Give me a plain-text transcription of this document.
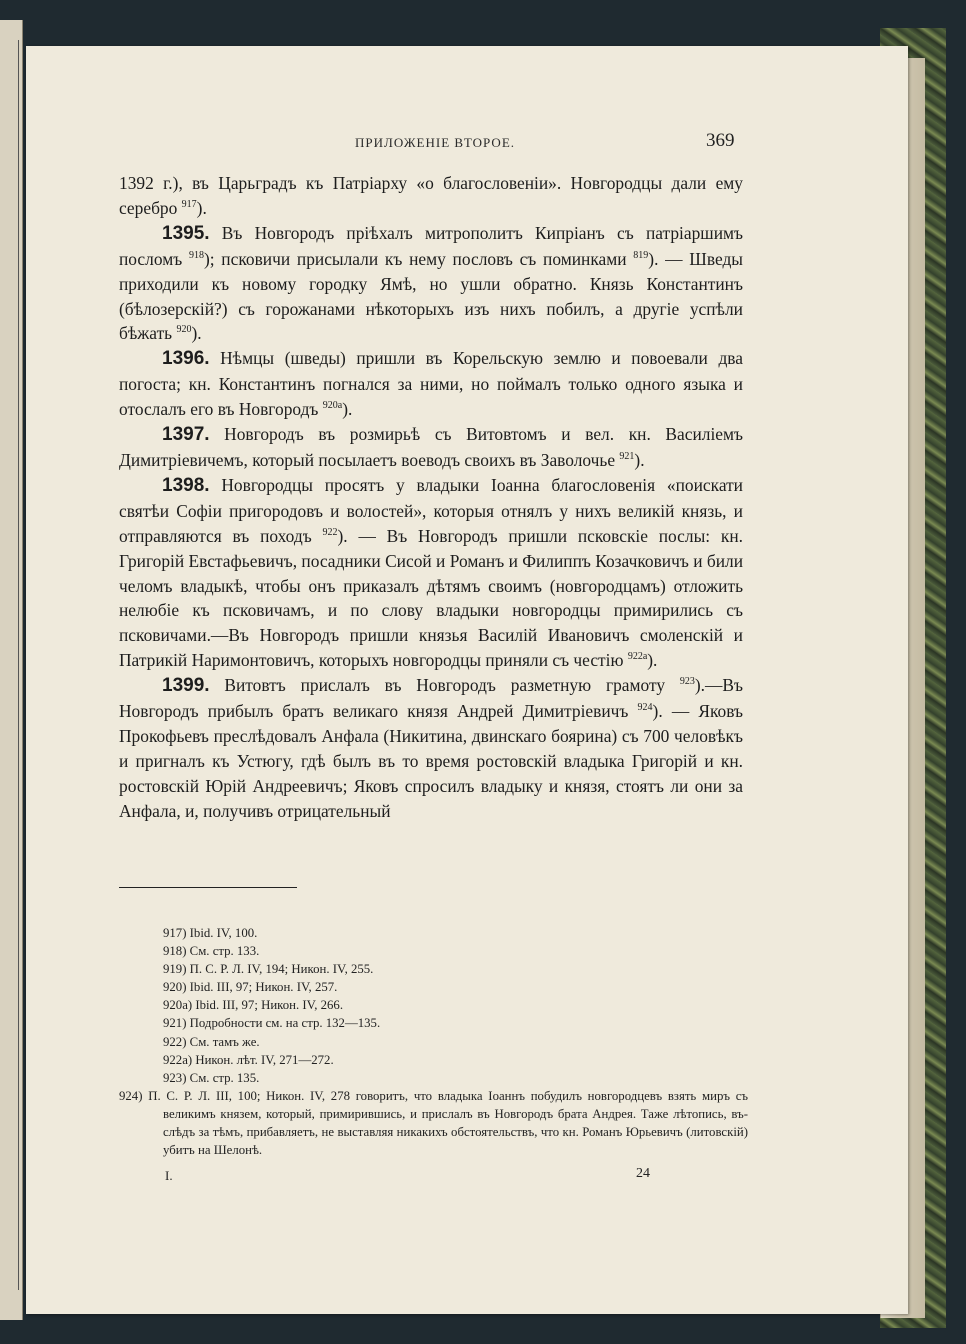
ПРИЛОЖЕНІЕ ВТОРОЕ.	369

1392 г.), въ Царьградъ къ Патріарху «о благословеніи». Новгородцы дали ему серебро $^{917}$).

1395. Въ Новгородъ пріѣхалъ митрополитъ Кипріанъ съ патріаршимъ посломъ $^{918}$); псковичи присылали къ нему пословъ съ поминками $^{819}$). — Шведы приходили къ новому городку Ямѣ, но ушли обратно. Князь Константинъ (бѣлозерскій?) съ горожанами нѣкоторыхъ изъ нихъ побилъ, а другіе успѣли бѣжать $^{920}$).

1396. Нѣмцы (шведы) пришли въ Корельскую землю и повоевали два погоста; кн. Константинъ погнался за ними, но поймалъ только одного языка и отослалъ его въ Новгородъ $^{920а}$).

1397. Новгородъ въ розмирьѣ съ Витовтомъ и вел. кн. Василіемъ Димитріевичемъ, который посылаетъ воеводъ своихъ въ Заволочье $^{921}$).

1398. Новгородцы просятъ у владыки Іоанна благословенія «поискати святѣи Софіи пригородовъ и волостей», которыя отнялъ у нихъ великій князь, и отправляются въ походъ $^{922}$). — Въ Новгородъ пришли псковскіе послы: кн. Григорій Евстафьевичъ, посадники Сисой и Романъ и Филиппъ Козачковичъ и били челомъ владыкѣ, чтобы онъ приказалъ дѣтямъ своимъ (новгородцамъ) отложить нелюбіе къ псковичамъ, и по слову владыки новгородцы примирились съ псковичами.—Въ Новгородъ пришли князья Василій Ивановичъ смоленскій и Патрикій Наримонтовичъ, которыхъ новгородцы приняли съ честію $^{922а}$).

1399. Витовтъ прислалъ въ Новгородъ разметную грамоту $^{923}$).—Въ Новгородъ прибылъ братъ великаго князя Андрей Димитріевичъ $^{924}$). — Яковъ Прокофьевъ преслѣдовалъ Анфала (Никитина, двинскаго боярина) съ 700 человѣкъ и пригналъ къ Устюгу, гдѣ былъ въ то время ростовскій владыка Григорій и кн. ростовскій Юрій Андреевичъ; Яковъ спросилъ владыку и князя, стоятъ ли они за Анфала, и, получивъ отрицательный

917) Ibid. IV, 100.
918) См. стр. 133.
919) П. С. Р. Л. IV, 194; Никон. IV, 255.
920) Ibid. III, 97; Никон. IV, 257.
920а) Ibid. III, 97; Никон. IV, 266.
921) Подробности см. на стр. 132—135.
922) См. тамъ же.
922а) Никон. лѣт. IV, 271—272.
923) См. стр. 135.
924) П. С. Р. Л. III, 100; Никон. IV, 278 говоритъ, что владыка Іоаннъ побудилъ новгородцевъ взять миръ съ великимъ князем, который, примирившись, и прислалъ въ Новгородъ брата Андрея. Таже лѣтопись, въ-слѣдъ за тѣмъ, прибавляетъ, не выставляя никакихъ обстоятельствъ, что кн. Романъ Юрьевичъ (литовскій) убитъ на Шелонѣ.
I.	24
